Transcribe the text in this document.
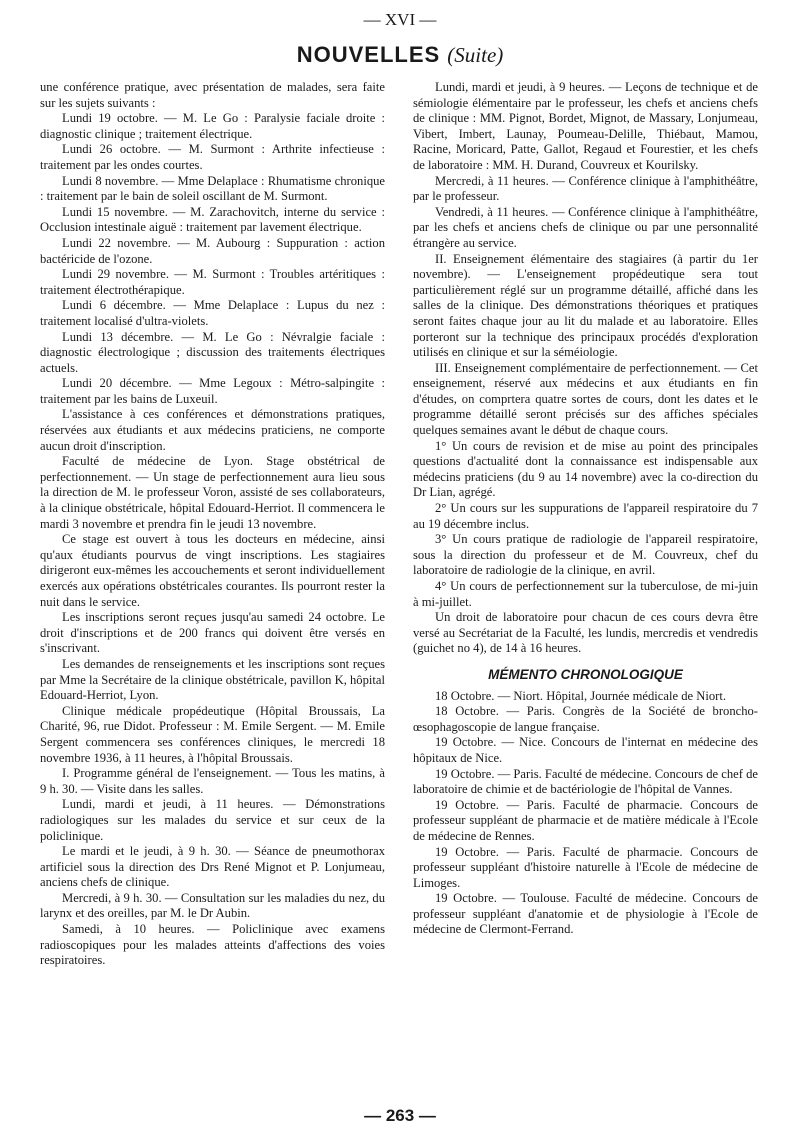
— XVI —
NOUVELLES (Suite)

une conférence pratique, avec présentation de malades, sera faite sur les sujets suivants :

Lundi 19 octobre. — M. Le Go : Paralysie faciale droite : diagnostic clinique ; traitement électrique.

Lundi 26 octobre. — M. Surmont : Arthrite infectieuse : traitement par les ondes courtes.

Lundi 8 novembre. — Mme Delaplace : Rhumatisme chronique : traitement par le bain de soleil oscillant de M. Surmont.

Lundi 15 novembre. — M. Zarachovitch, interne du service : Occlusion intestinale aiguë : traitement par lavement électrique.

Lundi 22 novembre. — M. Aubourg : Suppuration : action bactéricide de l'ozone.

Lundi 29 novembre. — M. Surmont : Troubles artéritiques : traitement électrothérapique.

Lundi 6 décembre. — Mme Delaplace : Lupus du nez : traitement localisé d'ultra-violets.

Lundi 13 décembre. — M. Le Go : Névralgie faciale : diagnostic électrologique ; discussion des traitements électriques actuels.

Lundi 20 décembre. — Mme Legoux : Métro-salpingite : traitement par les bains de Luxeuil.

L'assistance à ces conférences et démonstrations pratiques, réservées aux étudiants et aux médecins praticiens, ne comporte aucun droit d'inscription.

Faculté de médecine de Lyon. Stage obstétrical de perfectionnement. — Un stage de perfectionnement aura lieu sous la direction de M. le professeur Voron, assisté de ses collaborateurs, à la clinique obstétricale, hôpital Edouard-Herriot. Il commencera le mardi 3 novembre et prendra fin le jeudi 13 novembre.

Ce stage est ouvert à tous les docteurs en médecine, ainsi qu'aux étudiants pourvus de vingt inscriptions. Les stagiaires dirigeront eux-mêmes les accouchements et seront individuellement exercés aux opérations obstétricales courantes. Ils pourront rester la nuit dans le service.

Les inscriptions seront reçues jusqu'au samedi 24 octobre. Le droit d'inscriptions et de 200 francs qui doivent être versés en s'inscrivant.

Les demandes de renseignements et les inscriptions sont reçues par Mme la Secrétaire de la clinique obstétricale, pavillon K, hôpital Edouard-Herriot, Lyon.

Clinique médicale propédeutique (Hôpital Broussais, La Charité, 96, rue Didot. Professeur : M. Emile Sergent. — M. Emile Sergent commencera ses conférences cliniques, le mercredi 18 novembre 1936, à 11 heures, à l'hôpital Broussais.

I. Programme général de l'enseignement. — Tous les matins, à 9 h. 30. — Visite dans les salles.

Lundi, mardi et jeudi, à 11 heures. — Démonstrations radiologiques sur les malades du service et sur ceux de la policlinique.

Le mardi et le jeudi, à 9 h. 30. — Séance de pneumothorax artificiel sous la direction des Drs René Mignot et P. Lonjumeau, anciens chefs de clinique.

Mercredi, à 9 h. 30. — Consultation sur les maladies du nez, du larynx et des oreilles, par M. le Dr Aubin.

Samedi, à 10 heures. — Policlinique avec examens radioscopiques pour les malades atteints d'affections des voies respiratoires.

Lundi, mardi et jeudi, à 9 heures. — Leçons de technique et de sémiologie élémentaire par le professeur, les chefs et anciens chefs de clinique : MM. Pignot, Bordet, Mignot, de Massary, Lonjumeau, Vibert, Imbert, Launay, Poumeau-Delille, Thiébaut, Mamou, Racine, Moricard, Patte, Gallot, Regaud et Fourestier, et les chefs de laboratoire : MM. H. Durand, Couvreux et Kourilsky.

Mercredi, à 11 heures. — Conférence clinique à l'amphithéâtre, par le professeur.

Vendredi, à 11 heures. — Conférence clinique à l'amphithéâtre, par les chefs et anciens chefs de clinique ou par une personnalité étrangère au service.

II. Enseignement élémentaire des stagiaires (à partir du 1er novembre). — L'enseignement propédeutique sera tout particulièrement réglé sur un programme détaillé, affiché dans les salles de la clinique. Des démonstrations théoriques et pratiques seront faites chaque jour au lit du malade et au laboratoire. Elles porteront sur la technique des principaux procédés d'exploration utilisés en clinique et sur la séméiologie.

III. Enseignement complémentaire de perfectionnement. — Cet enseignement, réservé aux médecins et aux étudiants en fin d'études, on comprtera quatre sortes de cours, dont les dates et le programme détaillé seront précisés sur des affiches spéciales quelques semaines avant le début de chaque cours.

1° Un cours de revision et de mise au point des principales questions d'actualité dont la connaissance est indispensable aux médecins praticiens (du 9 au 14 novembre) avec la co-direction du Dr Lian, agrégé.

2° Un cours sur les suppurations de l'appareil respiratoire du 7 au 19 décembre inclus.

3° Un cours pratique de radiologie de l'appareil respiratoire, sous la direction du professeur et de M. Couvreux, chef du laboratoire de radiologie de la clinique, en avril.

4° Un cours de perfectionnement sur la tuberculose, de mi-juin à mi-juillet.

Un droit de laboratoire pour chacun de ces cours devra être versé au Secrétariat de la Faculté, les lundis, mercredis et vendredis (guichet no 4), de 14 à 16 heures.

MÉMENTO CHRONOLOGIQUE

18 Octobre. — Niort. Hôpital, Journée médicale de Niort.

18 Octobre. — Paris. Congrès de la Société de broncho-œsophagoscopie de langue française.

19 Octobre. — Nice. Concours de l'internat en médecine des hôpitaux de Nice.

19 Octobre. — Paris. Faculté de médecine. Concours de chef de laboratoire de chimie et de bactériologie de l'hôpital de Vannes.

19 Octobre. — Paris. Faculté de pharmacie. Concours de professeur suppléant de pharmacie et de matière médicale à l'Ecole de médecine de Rennes.

19 Octobre. — Paris. Faculté de pharmacie. Concours de professeur suppléant d'histoire naturelle à l'Ecole de médecine de Limoges.

19 Octobre. — Toulouse. Faculté de médecine. Concours de professeur suppléant d'anatomie et de physiologie à l'Ecole de médecine de Clermont-Ferrand.

— 263 —
